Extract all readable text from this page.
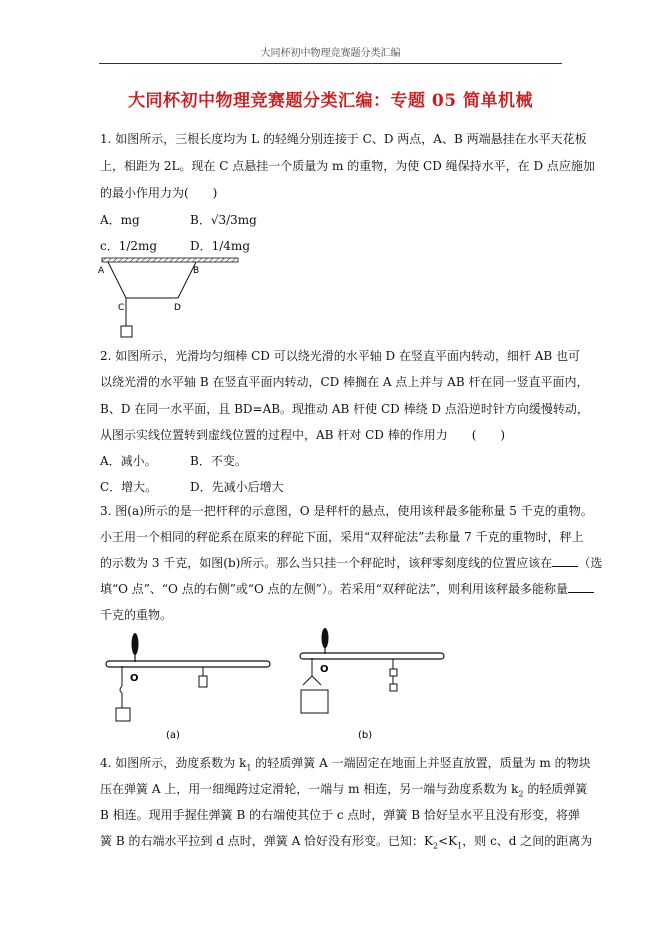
大同杯初中物理竞赛题分类汇编
大同杯初中物理竞赛题分类汇编：专题 05 简单机械
1. 如图所示，三根长度均为 L 的轻绳分别连接于 C、D 两点，A、B 两端悬挂在水平天花板
上，相距为 2L。现在 C 点悬挂一个质量为 m 的重物，为使 CD 绳保持水平，在 D 点应施加
的最小作用力为(　　)
A．mg	B．√3/3mg
c．1/2mg	D．1/4mg
A	B
C	D
2. 如图所示，光滑均匀细棒 CD 可以绕光滑的水平轴 D 在竖直平面内转动，细杆 AB 也可
以绕光滑的水平轴 B 在竖直平面内转动，CD 棒搁在 A 点上并与 AB 杆在同一竖直平面内，
B、D 在同一水平面，且 BD=AB。现推动 AB 杆使 CD 棒绕 D 点沿逆时针方向缓慢转动，
从图示实线位置转到虚线位置的过程中，AB 杆对 CD 棒的作用力　　(　　)
A．减小。	B．不变。
C．增大。	D．先减小后增大
3. 图(a)所示的是一把杆秤的示意图，O 是秤杆的悬点，使用该秤最多能称量 5 千克的重物。
小王用一个相同的秤砣系在原来的秤砣下面，采用“双秤砣法”去称量 7 千克的重物时，秤上
的示数为 3 千克，如图(b)所示。那么当只挂一个秤砣时，该秤零刻度线的位置应该在 （选
填“O 点”、“O 点的右侧”或“O 点的左侧”）。若采用“双秤砣法”，则利用该秤最多能称量
千克的重物。
O
(a)
O
(b)
4. 如图所示，劲度系数为 $k_1$ 的轻质弹簧 A 一端固定在地面上并竖直放置，质量为 m 的物块
压在弹簧 A 上，用一细绳跨过定滑轮，一端与 m 相连，另一端与劲度系数为 $k_2$ 的轻质弹簧
B 相连。现用手握住弹簧 B 的右端使其位于 c 点时，弹簧 B 恰好呈水平且没有形变，将弹
簧 B 的右端水平拉到 d 点时，弹簧 A 恰好没有形变。已知：$K_2<K_1$，则 c、d 之间的距离为
